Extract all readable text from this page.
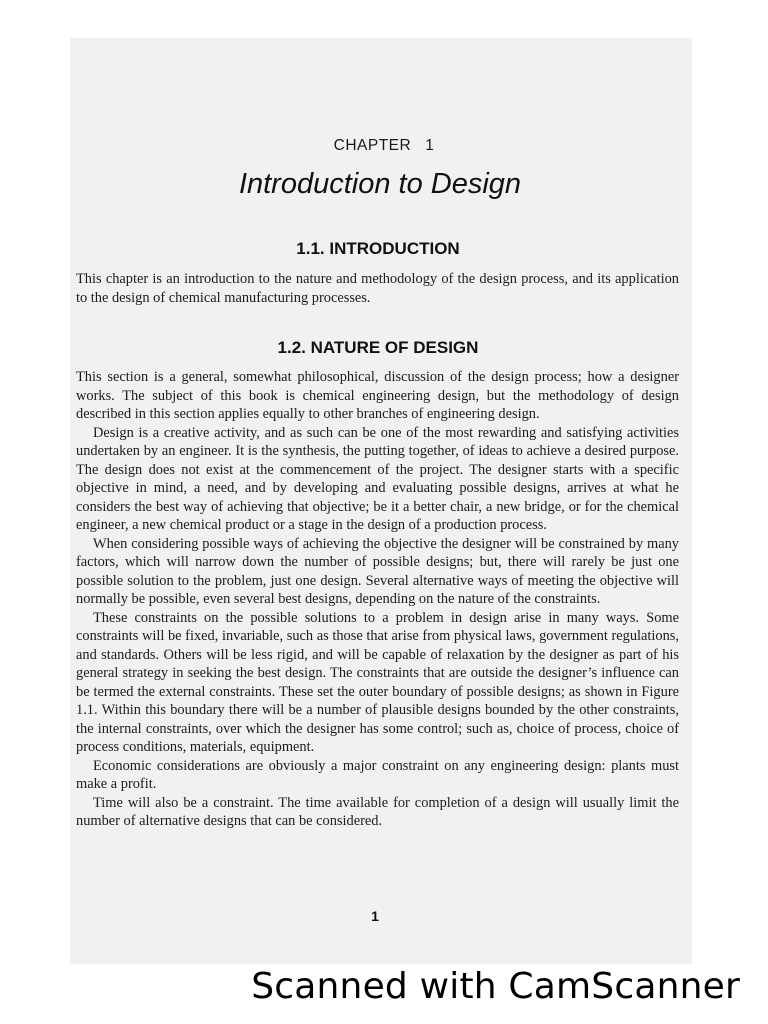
CHAPTER 1
Introduction to Design
1.1. INTRODUCTION

This chapter is an introduction to the nature and methodology of the design process, and its application to the design of chemical manufacturing processes.

1.2. NATURE OF DESIGN

This section is a general, somewhat philosophical, discussion of the design process; how a designer works. The subject of this book is chemical engineering design, but the methodology of design described in this section applies equally to other branches of engineering design.

Design is a creative activity, and as such can be one of the most rewarding and satisfying activities undertaken by an engineer. It is the synthesis, the putting together, of ideas to achieve a desired purpose. The design does not exist at the commencement of the project. The designer starts with a specific objective in mind, a need, and by developing and evaluating possible designs, arrives at what he considers the best way of achieving that objective; be it a better chair, a new bridge, or for the chemical engineer, a new chemical product or a stage in the design of a production process.

When considering possible ways of achieving the objective the designer will be constrained by many factors, which will narrow down the number of possible designs; but, there will rarely be just one possible solution to the problem, just one design. Several alternative ways of meeting the objective will normally be possible, even several best designs, depending on the nature of the constraints.

These constraints on the possible solutions to a problem in design arise in many ways. Some constraints will be fixed, invariable, such as those that arise from physical laws, government regulations, and standards. Others will be less rigid, and will be capable of relaxation by the designer as part of his general strategy in seeking the best design. The constraints that are outside the designer’s influence can be termed the external constraints. These set the outer boundary of possible designs; as shown in Figure 1.1. Within this boundary there will be a number of plausible designs bounded by the other constraints, the internal constraints, over which the designer has some control; such as, choice of process, choice of process conditions, materials, equipment.

Economic considerations are obviously a major constraint on any engineering design: plants must make a profit.

Time will also be a constraint. The time available for completion of a design will usually limit the number of alternative designs that can be considered.

1
Scanned with CamScanner
